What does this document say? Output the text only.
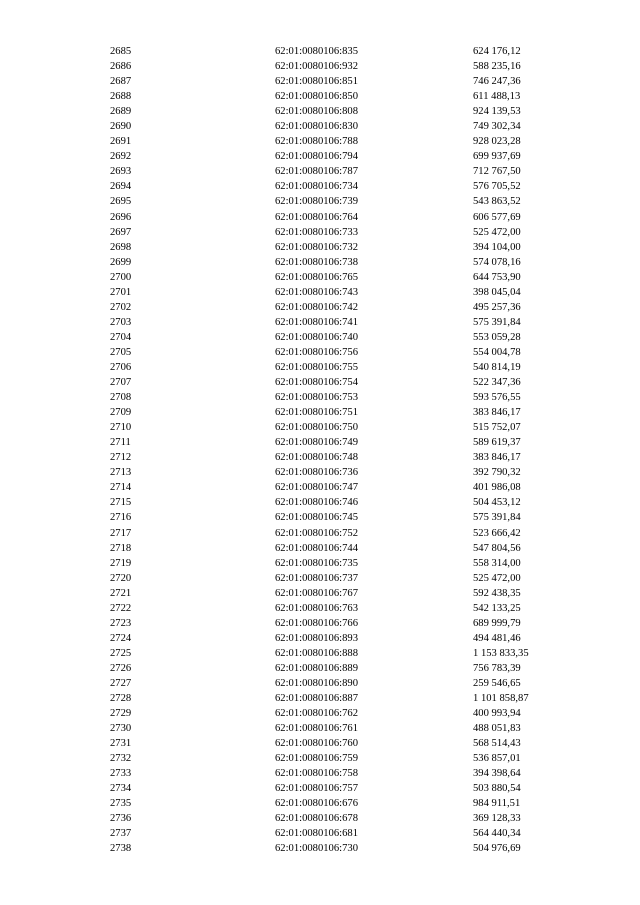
2685	62:01:0080106:835	624 176,12
2686	62:01:0080106:932	588 235,16
2687	62:01:0080106:851	746 247,36
2688	62:01:0080106:850	611 488,13
2689	62:01:0080106:808	924 139,53
2690	62:01:0080106:830	749 302,34
2691	62:01:0080106:788	928 023,28
2692	62:01:0080106:794	699 937,69
2693	62:01:0080106:787	712 767,50
2694	62:01:0080106:734	576 705,52
2695	62:01:0080106:739	543 863,52
2696	62:01:0080106:764	606 577,69
2697	62:01:0080106:733	525 472,00
2698	62:01:0080106:732	394 104,00
2699	62:01:0080106:738	574 078,16
2700	62:01:0080106:765	644 753,90
2701	62:01:0080106:743	398 045,04
2702	62:01:0080106:742	495 257,36
2703	62:01:0080106:741	575 391,84
2704	62:01:0080106:740	553 059,28
2705	62:01:0080106:756	554 004,78
2706	62:01:0080106:755	540 814,19
2707	62:01:0080106:754	522 347,36
2708	62:01:0080106:753	593 576,55
2709	62:01:0080106:751	383 846,17
2710	62:01:0080106:750	515 752,07
2711	62:01:0080106:749	589 619,37
2712	62:01:0080106:748	383 846,17
2713	62:01:0080106:736	392 790,32
2714	62:01:0080106:747	401 986,08
2715	62:01:0080106:746	504 453,12
2716	62:01:0080106:745	575 391,84
2717	62:01:0080106:752	523 666,42
2718	62:01:0080106:744	547 804,56
2719	62:01:0080106:735	558 314,00
2720	62:01:0080106:737	525 472,00
2721	62:01:0080106:767	592 438,35
2722	62:01:0080106:763	542 133,25
2723	62:01:0080106:766	689 999,79
2724	62:01:0080106:893	494 481,46
2725	62:01:0080106:888	1 153 833,35
2726	62:01:0080106:889	756 783,39
2727	62:01:0080106:890	259 546,65
2728	62:01:0080106:887	1 101 858,87
2729	62:01:0080106:762	400 993,94
2730	62:01:0080106:761	488 051,83
2731	62:01:0080106:760	568 514,43
2732	62:01:0080106:759	536 857,01
2733	62:01:0080106:758	394 398,64
2734	62:01:0080106:757	503 880,54
2735	62:01:0080106:676	984 911,51
2736	62:01:0080106:678	369 128,33
2737	62:01:0080106:681	564 440,34
2738	62:01:0080106:730	504 976,69
